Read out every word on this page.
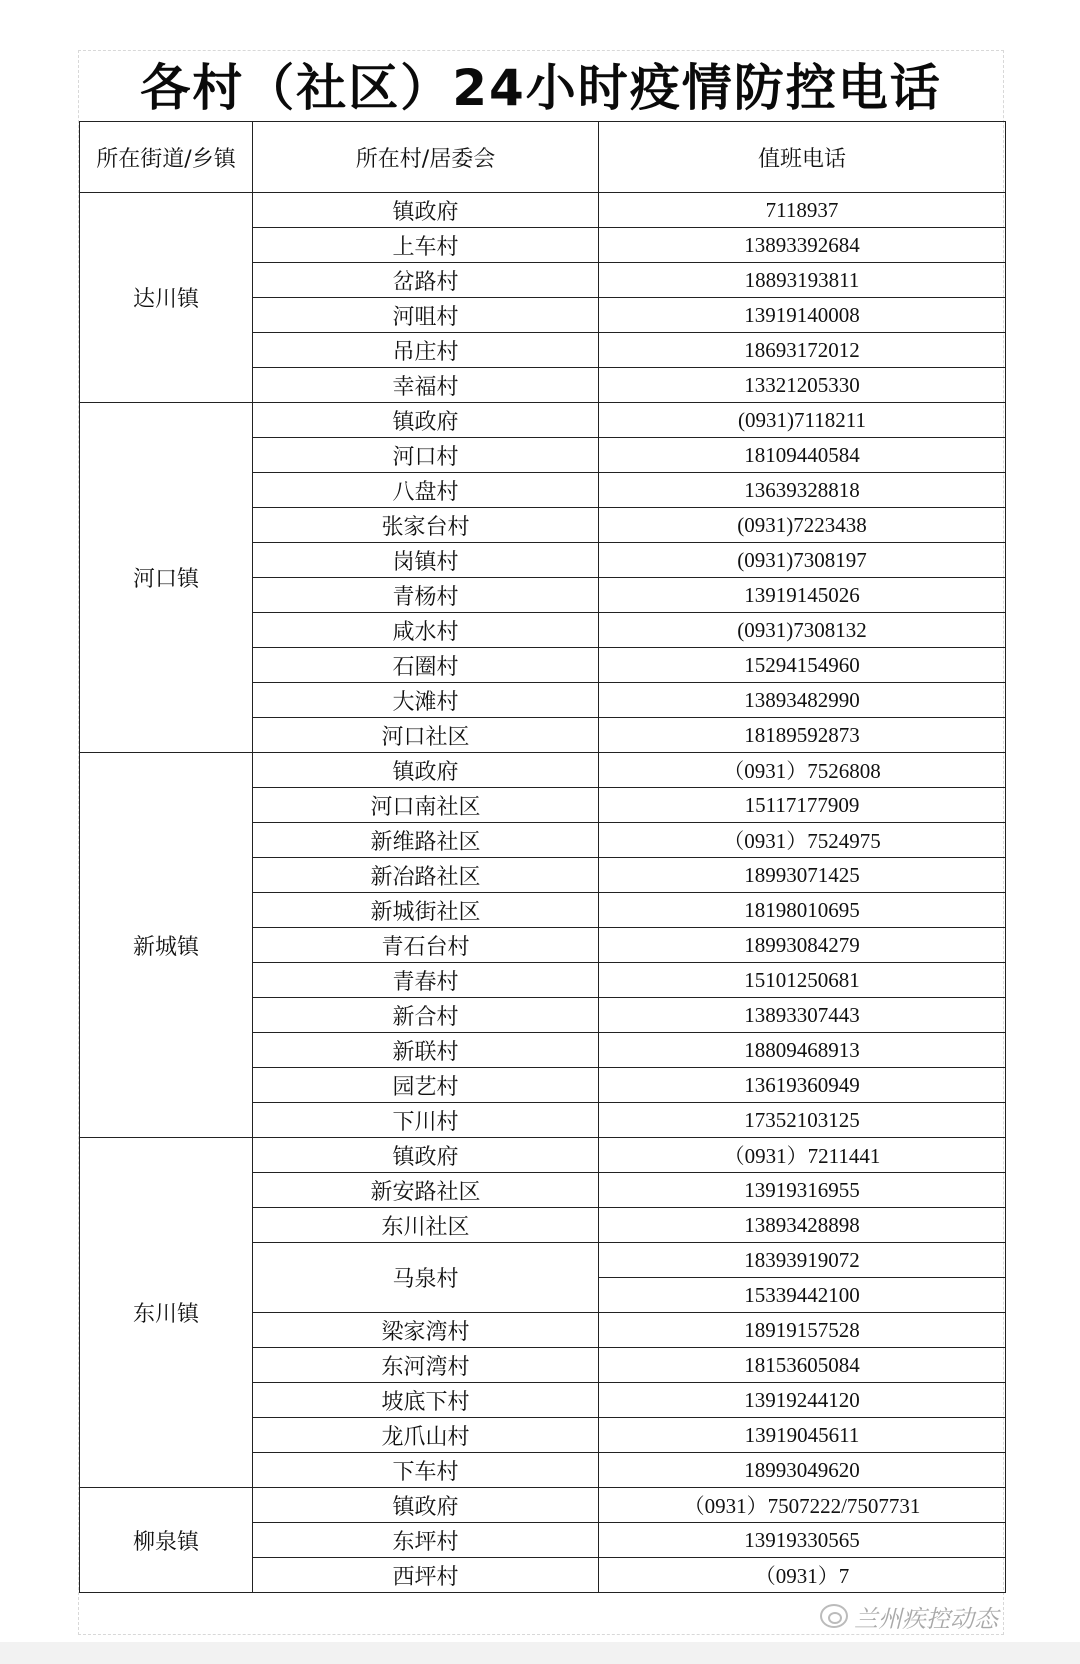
各村（社区）24小时疫情防控电话
所在街道/乡镇	所在村/居委会	值班电话
达川镇	镇政府	7118937
	上车村	13893392684
	岔路村	18893193811
	河咀村	13919140008
	吊庄村	18693172012
	幸福村	13321205330
河口镇	镇政府	(0931)7118211
	河口村	18109440584
	八盘村	13639328818
	张家台村	(0931)7223438
	岗镇村	(0931)7308197
	青杨村	13919145026
	咸水村	(0931)7308132
	石圈村	15294154960
	大滩村	13893482990
	河口社区	18189592873
新城镇	镇政府	（0931）7526808
	河口南社区	15117177909
	新维路社区	（0931）7524975
	新冶路社区	18993071425
	新城街社区	18198010695
	青石台村	18993084279
	青春村	15101250681
	新合村	13893307443
	新联村	18809468913
	园艺村	13619360949
	下川村	17352103125
东川镇	镇政府	（0931）7211441
	新安路社区	13919316955
	东川社区	13893428898
	马泉村	18393919072
		15339442100
	梁家湾村	18919157528
	东河湾村	18153605084
	坡底下村	13919244120
	龙爪山村	13919045611
	下车村	18993049620
柳泉镇	镇政府	（0931）7507222/7507731
	东坪村	13919330565
	西坪村	（0931）7
兰州疾控动态
